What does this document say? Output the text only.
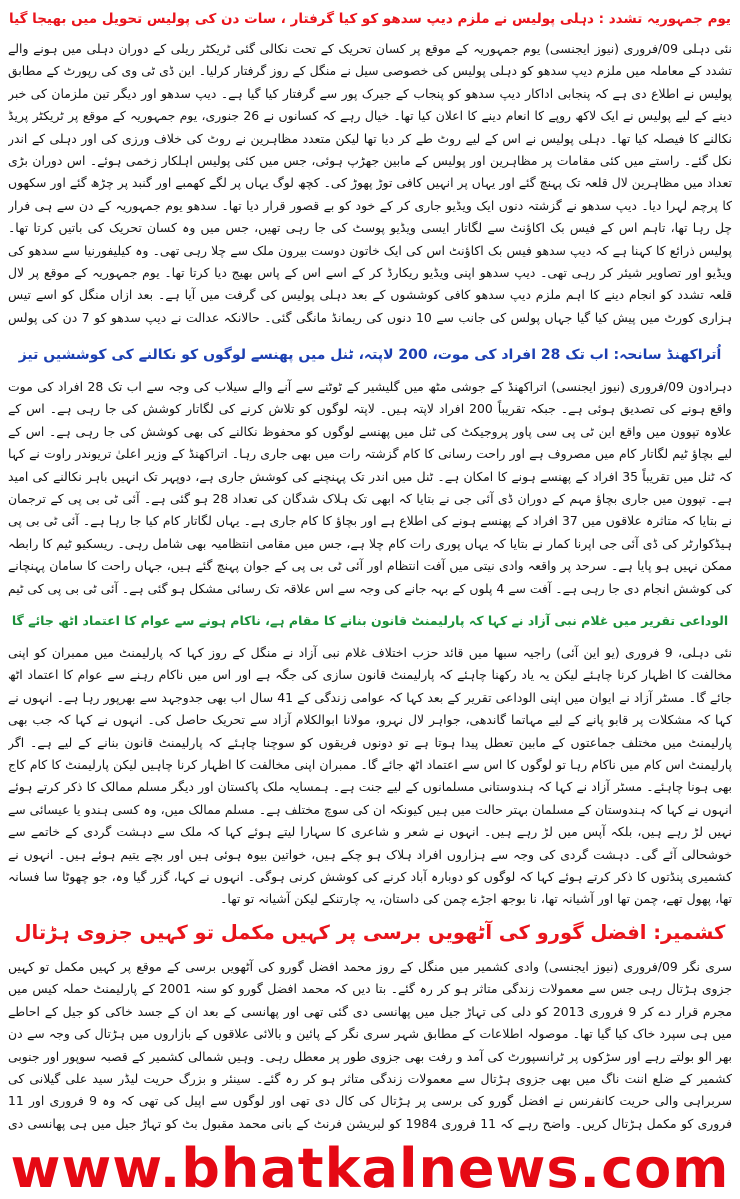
یوم جمہوریہ تشدد : دہلی پولیس نے ملزم دیپ سدھو کو کیا گرفتار ، سات دن کی پولیس تحویل میں بھیجا گیا

نئی دہلی 09/فروری (نیوز ایجنسی) یوم جمہوریہ کے موقع پر کسان تحریک کے تحت نکالی گئی ٹریکٹر ریلی کے دوران دہلی میں ہونے والے تشدد کے معاملہ میں ملزم دیپ سدھو کو دہلی پولیس کی خصوصی سیل نے منگل کے روز گرفتار کرلیا۔ این ڈی ٹی وی کی رپورٹ کے مطابق پولیس نے اطلاع دی ہے کہ پنجابی اداکار دیپ سدھو کو پنجاب کے جیرک پور سے گرفتار کیا گیا ہے۔ دیپ سدھو اور دیگر تین ملزمان کی خبر دینے کے لیے پولیس نے ایک لاکھ روپے کا انعام دینے کا اعلان کیا تھا۔ خیال رہے کہ کسانوں نے 26 جنوری، یوم جمہوریہ کے موقع پر ٹریکٹر پریڈ نکالنے کا فیصلہ کیا تھا۔ دہلی پولیس نے اس کے لیے روٹ طے کر دیا تھا لیکن متعدد مظاہرین نے روٹ کی خلاف ورزی کی اور دہلی کے اندر نکل گئے۔ راستے میں کئی مقامات پر مظاہرین اور پولیس کے مابین جھڑپ ہوئی، جس میں کئی پولیس اہلکار زخمی ہوئے۔ اس دوران بڑی تعداد میں مظاہرین لال قلعہ تک پہنچ گئے اور یہاں پر انہیں کافی توڑ پھوڑ کی۔ کچھ لوگ یہاں پر لگے کھمبے اور گنبد پر چڑھ گئے اور سکھوں کا پرچم لہرا دیا۔ دیپ سدھو نے گزشتہ دنوں ایک ویڈیو جاری کر کے خود کو بے قصور قرار دیا تھا۔ سدھو یوم جمہوریہ کے دن سے ہی فرار چل رہا تھا، تاہم اس کے فیس بک اکاؤنٹ سے لگاتار ایسی ویڈیو پوسٹ کی جا رہی تھیں، جس میں وہ کسان تحریک کی باتیں کرتا تھا۔ پولیس ذرائع کا کہنا ہے کہ دیپ سدھو فیس بک اکاؤنٹ اس کی ایک خاتون دوست بیرون ملک سے چلا رہی تھی۔ وہ کیلیفورنیا سے سدھو کی ویڈیو اور تصاویر شیئر کر رہی تھی۔ دیپ سدھو اپنی ویڈیو ریکارڈ کر کے اسے اس کے پاس بھیج دیا کرتا تھا۔ یوم جمہوریہ کے موقع پر لال قلعہ تشدد کو انجام دینے کا اہم ملزم دیپ سدھو کافی کوششوں کے بعد دہلی پولیس کی گرفت میں آیا ہے۔ بعد ازاں منگل کو اسے تیس ہزاری کورٹ میں پیش کیا گیا جہاں پولس کی جانب سے 10 دنوں کی ریمانڈ مانگی گئی۔ حالانکہ عدالت نے دیپ سدھو کو 7 دن کی پولس

اُتراکھنڈ سانحہ: اب تک 28 افراد کی موت، 200 لاپتہ، ٹنل میں پھنسے لوگوں کو نکالنے کی کوششیں تیز

دہرادون 09/فروری (نیوز ایجنسی) اتراکھنڈ کے جوشی مٹھ میں گلیشیر کے ٹوٹنے سے آنے والے سیلاب کی وجہ سے اب تک 28 افراد کی موت واقع ہونے کی تصدیق ہوئی ہے۔ جبکہ تقریباً 200 افراد لاپتہ ہیں۔ لاپتہ لوگوں کو تلاش کرنے کی لگاتار کوشش کی جا رہی ہے۔ اس کے علاوہ تپوون میں واقع این ٹی پی سی پاور پروجیکٹ کی ٹنل میں پھنسے لوگوں کو محفوظ نکالنے کی بھی کوشش کی جا رہی ہے۔ اس کے لیے بچاؤ ٹیم لگاتار کام میں مصروف ہے اور راحت رسانی کا کام گزشتہ رات میں بھی جاری رہا۔ اتراکھنڈ کے وزیر اعلیٰ تریوندر راوت نے کہا کہ ٹنل میں تقریباً 35 افراد کے پھنسے ہونے کا امکان ہے۔ ٹنل میں اندر تک پہنچنے کی کوشش جاری ہے، دوپہر تک انہیں باہر نکالنے کی امید ہے۔ تپوون میں جاری بچاؤ مہم کے دوران ڈی آئی جی نے بتایا کہ ابھی تک ہلاک شدگان کی تعداد 28 ہو گئی ہے۔ آئی ٹی بی پی کے ترجمان نے بتایا کہ متاثرہ علاقوں میں 37 افراد کے پھنسے ہونے کی اطلاع ہے اور بچاؤ کا کام جاری ہے۔ یہاں لگاتار کام کیا جا رہا ہے۔ آئی ٹی بی پی ہیڈکوارٹر کی ڈی آئی جی اپرنا کمار نے بتایا کہ یہاں پوری رات کام چلا ہے، جس میں مقامی انتظامیہ بھی شامل رہی۔ ریسکیو ٹیم کا رابطہ ممکن نہیں ہو پایا ہے۔ سرحد پر واقعہ وادی نیتی میں آفت انتظام اور آئی ٹی بی پی کے جوان پہنچ گئے ہیں، جہاں راحت کا سامان پہنچانے کی کوشش انجام دی جا رہی ہے۔ آفت سے 4 پلوں کے بہہ جانے کی وجہ سے اس علاقہ تک رسائی مشکل ہو گئی ہے۔ آئی ٹی بی پی کی ٹیم

الوداعی تقریر میں غلام نبی آزاد نے کہا کہ پارلیمنٹ قانون بنانے کا مقام ہے، ناکام ہونے سے عوام کا اعتماد اٹھ جائے گا

نئی دہلی، 9 فروری (یو این آئی) راجیہ سبھا میں قائد حزب اختلاف غلام نبی آزاد نے منگل کے روز کہا کہ پارلیمنٹ میں ممبران کو اپنی مخالفت کا اظہار کرنا چاہئے لیکن یہ یاد رکھنا چاہئے کہ پارلیمنٹ قانون سازی کی جگہ ہے اور اس میں ناکام رہنے سے عوام کا اعتماد اٹھ جائے گا۔ مسٹر آزاد نے ایوان میں اپنی الوداعی تقریر کے بعد کہا کہ عوامی زندگی کے 41 سال اب بھی جدوجہد سے بھرپور رہا ہے۔ انہوں نے کہا کہ مشکلات پر قابو پانے کے لیے مہاتما گاندھی، جواہر لال نہرو، مولانا ابوالکلام آزاد سے تحریک حاصل کی۔ انہوں نے کہا کہ جب بھی پارلیمنٹ میں مختلف جماعتوں کے مابین تعطل پیدا ہوتا ہے تو دونوں فریقوں کو سوچنا چاہئے کہ پارلیمنٹ قانون بنانے کے لیے ہے۔ اگر پارلیمنٹ اس کام میں ناکام رہا تو لوگوں کا اس سے اعتماد اٹھ جائے گا۔ ممبران اپنی مخالفت کا اظہار کرنا چاہیں لیکن پارلیمنٹ کا کام کاج بھی ہونا چاہئے۔ مسٹر آزاد نے کہا کہ ہندوستانی مسلمانوں کے لیے جنت ہے۔ ہمسایہ ملک پاکستان اور دیگر مسلم ممالک کا ذکر کرتے ہوئے انہوں نے کہا کہ ہندوستان کے مسلمان بہتر حالت میں ہیں کیونکہ ان کی سوچ مختلف ہے۔ مسلم ممالک میں، وہ کسی ہندو یا عیسائی سے نہیں لڑ رہے ہیں، بلکہ آپس میں لڑ رہے ہیں۔ انہوں نے شعر و شاعری کا سہارا لیتے ہوئے کہا کہ ملک سے دہشت گردی کے خاتمے سے خوشحالی آئے گی۔ دہشت گردی کی وجہ سے ہزاروں افراد ہلاک ہو چکے ہیں، خواتین بیوہ ہوئی ہیں اور بچے یتیم ہوئے ہیں۔ انہوں نے کشمیری پنڈتوں کا ذکر کرتے ہوئے کہا کہ لوگوں کو دوبارہ آباد کرنے کی کوشش کرنی ہوگی۔ انہوں نے کہا، گزر گیا وہ، جو چھوٹا سا فسانہ تھا، پھول تھے، چمن تھا اور آشیانہ تھا، نا بوجھ اجڑے چمن کی داستان، یہ چارتنکے لیکن آشیانہ تو تھا۔

کشمیر: افضل گورو کی آٹھویں برسی پر کہیں مکمل تو کہیں جزوی ہڑتال

سری نگر 09/فروری (نیوز ایجنسی) وادی کشمیر میں منگل کے روز محمد افضل گورو کی آٹھویں برسی کے موقع پر کہیں مکمل تو کہیں جزوی ہڑتال رہی جس سے معمولات زندگی متاثر ہو کر رہ گئے۔ بتا دیں کہ محمد افضل گورو کو سنہ 2001 کے پارلیمنٹ حملہ کیس میں مجرم قرار دے کر 9 فروری 2013 کو دلی کی تہاڑ جیل میں پھانسی دی گئی تھی اور پھانسی کے بعد ان کے جسد خاکی کو جیل کے احاطے میں ہی سپرد خاک کیا گیا تھا۔ موصولہ اطلاعات کے مطابق شہر سری نگر کے پائین و بالائی علاقوں کے بازاروں میں ہڑتال کی وجہ سے دن بھر الو بولتے رہے اور سڑکوں پر ٹرانسپورٹ کی آمد و رفت بھی جزوی طور پر معطل رہی۔ وہیں شمالی کشمیر کے قصبہ سوپور اور جنوبی کشمیر کے ضلع اننت ناگ میں بھی جزوی ہڑتال سے معمولات زندگی متاثر ہو کر رہ گئے۔ سینئر و بزرگ حریت لیڈر سید علی گیلانی کی سربراہی والی حریت کانفرنس نے افضل گورو کی برسی پر ہڑتال کی کال دی تھی اور لوگوں سے اپیل کی تھی کہ وہ 9 فروری اور 11 فروری کو مکمل ہڑتال کریں۔ واضح رہے کہ 11 فروری 1984 کو لبریشن فرنٹ کے بانی محمد مقبول بٹ کو تہاڑ جیل میں ہی پھانسی دی

www.bhatkalnews.com
